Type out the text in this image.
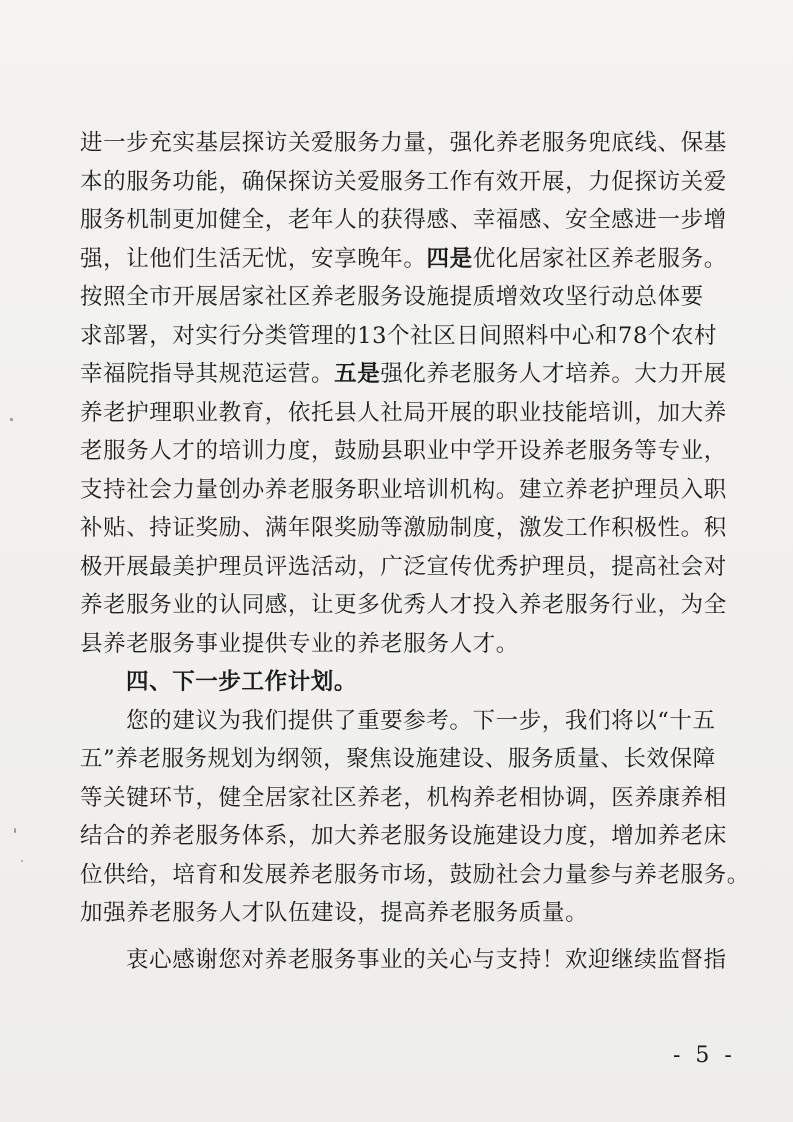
进一步充实基层探访关爱服务力量，强化养老服务兜底线、保基
本的服务功能，确保探访关爱服务工作有效开展，力促探访关爱
服务机制更加健全，老年人的获得感、幸福感、安全感进一步增
强，让他们生活无忧，安享晚年。四是优化居家社区养老服务。
按照全市开展居家社区养老服务设施提质增效攻坚行动总体要
求部署，对实行分类管理的13个社区日间照料中心和78个农村
幸福院指导其规范运营。五是强化养老服务人才培养。大力开展
养老护理职业教育，依托县人社局开展的职业技能培训，加大养
老服务人才的培训力度，鼓励县职业中学开设养老服务等专业，
支持社会力量创办养老服务职业培训机构。建立养老护理员入职
补贴、持证奖励、满年限奖励等激励制度，激发工作积极性。积
极开展最美护理员评选活动，广泛宣传优秀护理员，提高社会对
养老服务业的认同感，让更多优秀人才投入养老服务行业，为全
县养老服务事业提供专业的养老服务人才。
四、下一步工作计划。
您的建议为我们提供了重要参考。下一步，我们将以“十五
五”养老服务规划为纲领，聚焦设施建设、服务质量、长效保障
等关键环节，健全居家社区养老，机构养老相协调，医养康养相
结合的养老服务体系，加大养老服务设施建设力度，增加养老床
位供给，培育和发展养老服务市场，鼓励社会力量参与养老服务。
加强养老服务人才队伍建设，提高养老服务质量。
衷心感谢您对养老服务事业的关心与支持！欢迎继续监督指
- 5 -
